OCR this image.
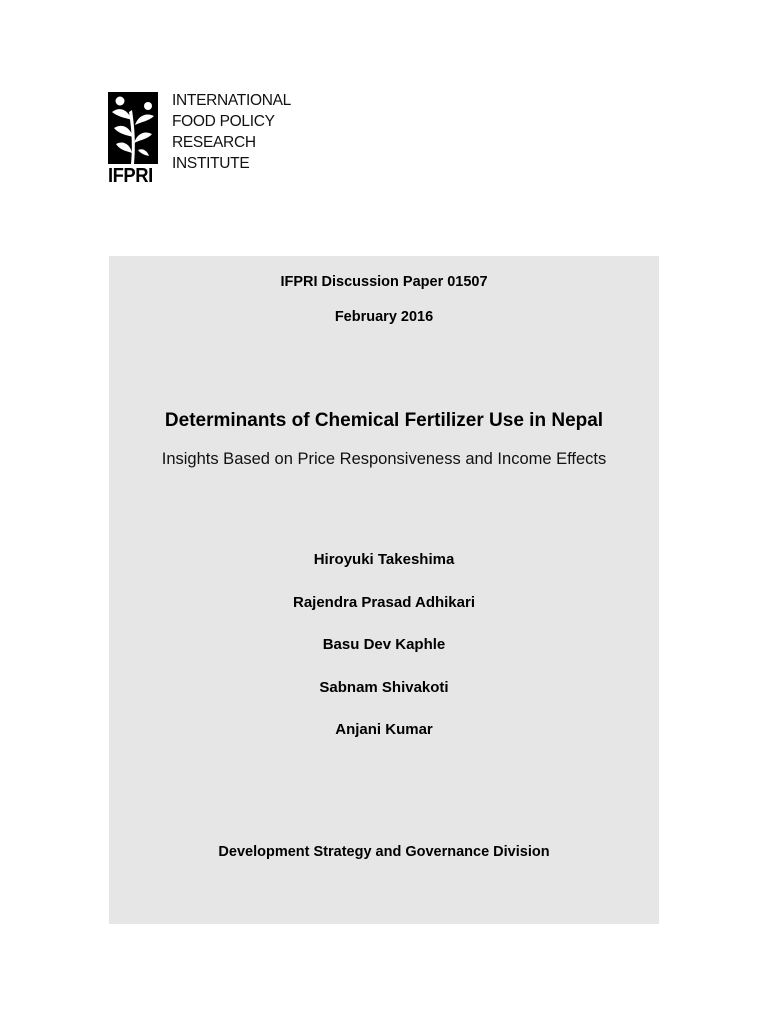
IFPRI
INTERNATIONAL
FOOD POLICY
RESEARCH
INSTITUTE
IFPRI Discussion Paper 01507
February 2016
Determinants of Chemical Fertilizer Use in Nepal
Insights Based on Price Responsiveness and Income Effects
Hiroyuki Takeshima
Rajendra Prasad Adhikari
Basu Dev Kaphle
Sabnam Shivakoti
Anjani Kumar
Development Strategy and Governance Division
